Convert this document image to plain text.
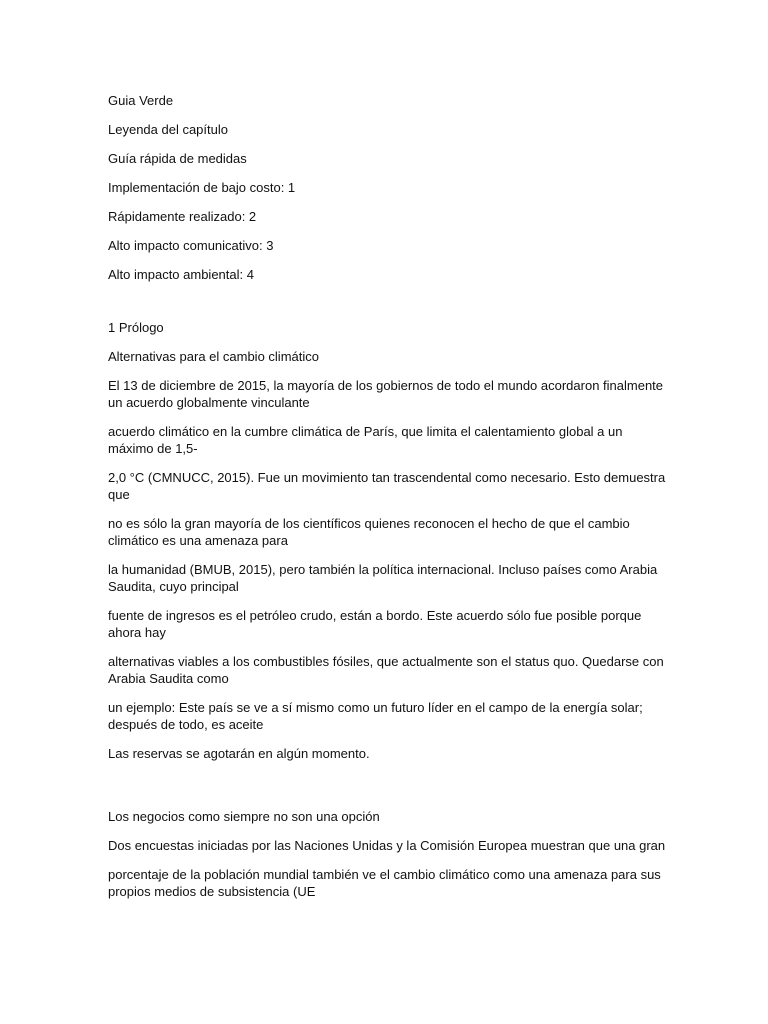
Guia Verde

Leyenda del capítulo

Guía rápida de medidas

Implementación de bajo costo: 1

Rápidamente realizado: 2

Alto impacto comunicativo: 3

Alto impacto ambiental: 4

1 Prólogo

Alternativas para el cambio climático

El 13 de diciembre de 2015, la mayoría de los gobiernos de todo el mundo acordaron finalmente un acuerdo globalmente vinculante

acuerdo climático en la cumbre climática de París, que limita el calentamiento global a un máximo de 1,5-

2,0 °C (CMNUCC, 2015). Fue un movimiento tan trascendental como necesario. Esto demuestra que

no es sólo la gran mayoría de los científicos quienes reconocen el hecho de que el cambio climático es una amenaza para

la humanidad (BMUB, 2015), pero también la política internacional. Incluso países como Arabia Saudita, cuyo principal

fuente de ingresos es el petróleo crudo, están a bordo. Este acuerdo sólo fue posible porque ahora hay

alternativas viables a los combustibles fósiles, que actualmente son el status quo. Quedarse con Arabia Saudita como

un ejemplo: Este país se ve a sí mismo como un futuro líder en el campo de la energía solar; después de todo, es aceite

Las reservas se agotarán en algún momento.

Los negocios como siempre no son una opción

Dos encuestas iniciadas por las Naciones Unidas y la Comisión Europea muestran que una gran

porcentaje de la población mundial también ve el cambio climático como una amenaza para sus propios medios de subsistencia (UE
